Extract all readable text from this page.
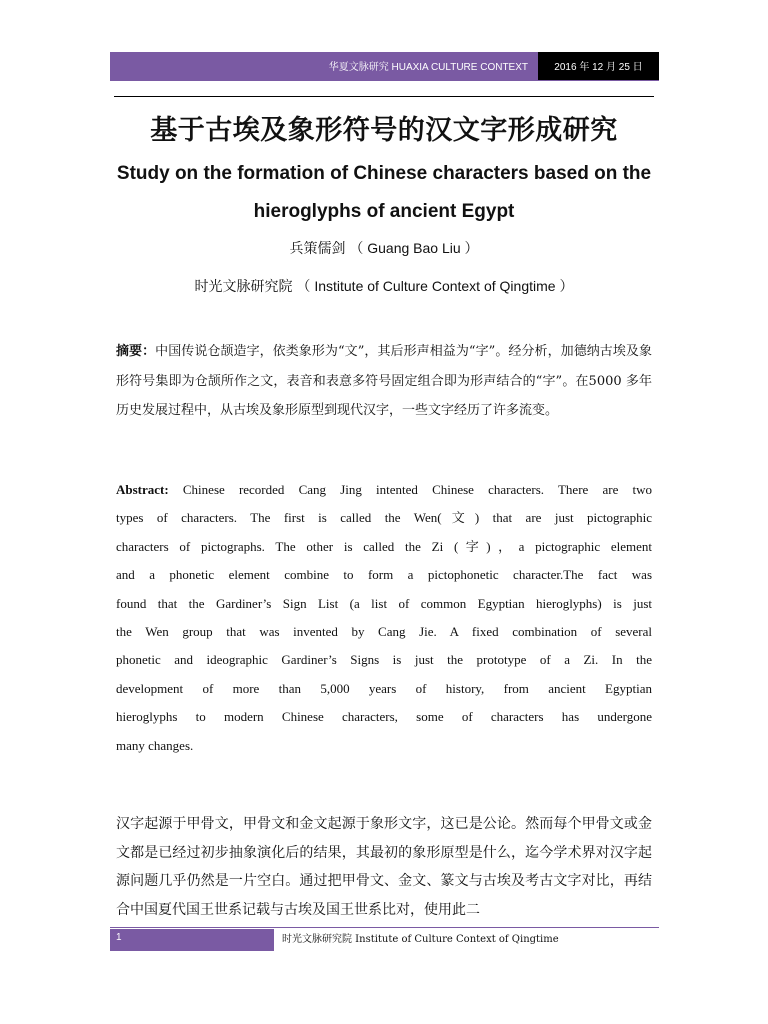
华夏文脉研究 HUAXIA CULTURE CONTEXT	2016 年 12 月 25 日
基于古埃及象形符号的汉文字形成研究
Study on the formation of Chinese characters based on the hieroglyphs of ancient Egypt
兵策儒剑 （ Guang Bao Liu ）
时光文脉研究院 （ Institute of Culture Context of Qingtime ）
摘要：中国传说仓颉造字，依类象形为“文”，其后形声相益为“字”。经分析，加德纳古埃及象形符号集即为仓颉所作之文，表音和表意多符号固定组合即为形声结合的“字”。在5000 多年历史发展过程中，从古埃及象形原型到现代汉字，一些文字经历了许多流变。
Abstract: Chinese recorded Cang Jing intented Chinese characters. There are two
types of characters. The first is called the Wen(文) that are just pictographic
characters of pictographs. The other is called the Zi (字)，a pictographic element
and a phonetic element combine to form a pictophonetic character.The fact was
found that the Gardiner’s Sign List (a list of common Egyptian hieroglyphs) is just
the Wen group that was invented by Cang Jie. A fixed combination of several
phonetic and ideographic Gardiner’s Signs is just the prototype of a Zi. In the
development of more than 5,000 years of history, from ancient Egyptian
hieroglyphs to modern Chinese characters, some of characters has undergone
many changes.
汉字起源于甲骨文，甲骨文和金文起源于象形文字，这已是公论。然而每个甲骨文或金文都是已经过初步抽象演化后的结果，其最初的象形原型是什么，迄今学术界对汉字起源问题几乎仍然是一片空白。通过把甲骨文、金文、篆文与古埃及考古文字对比，再结合中国夏代国王世系记载与古埃及国王世系比对，使用此二
1	时光文脉研究院 Institute of Culture Context of Qingtime
